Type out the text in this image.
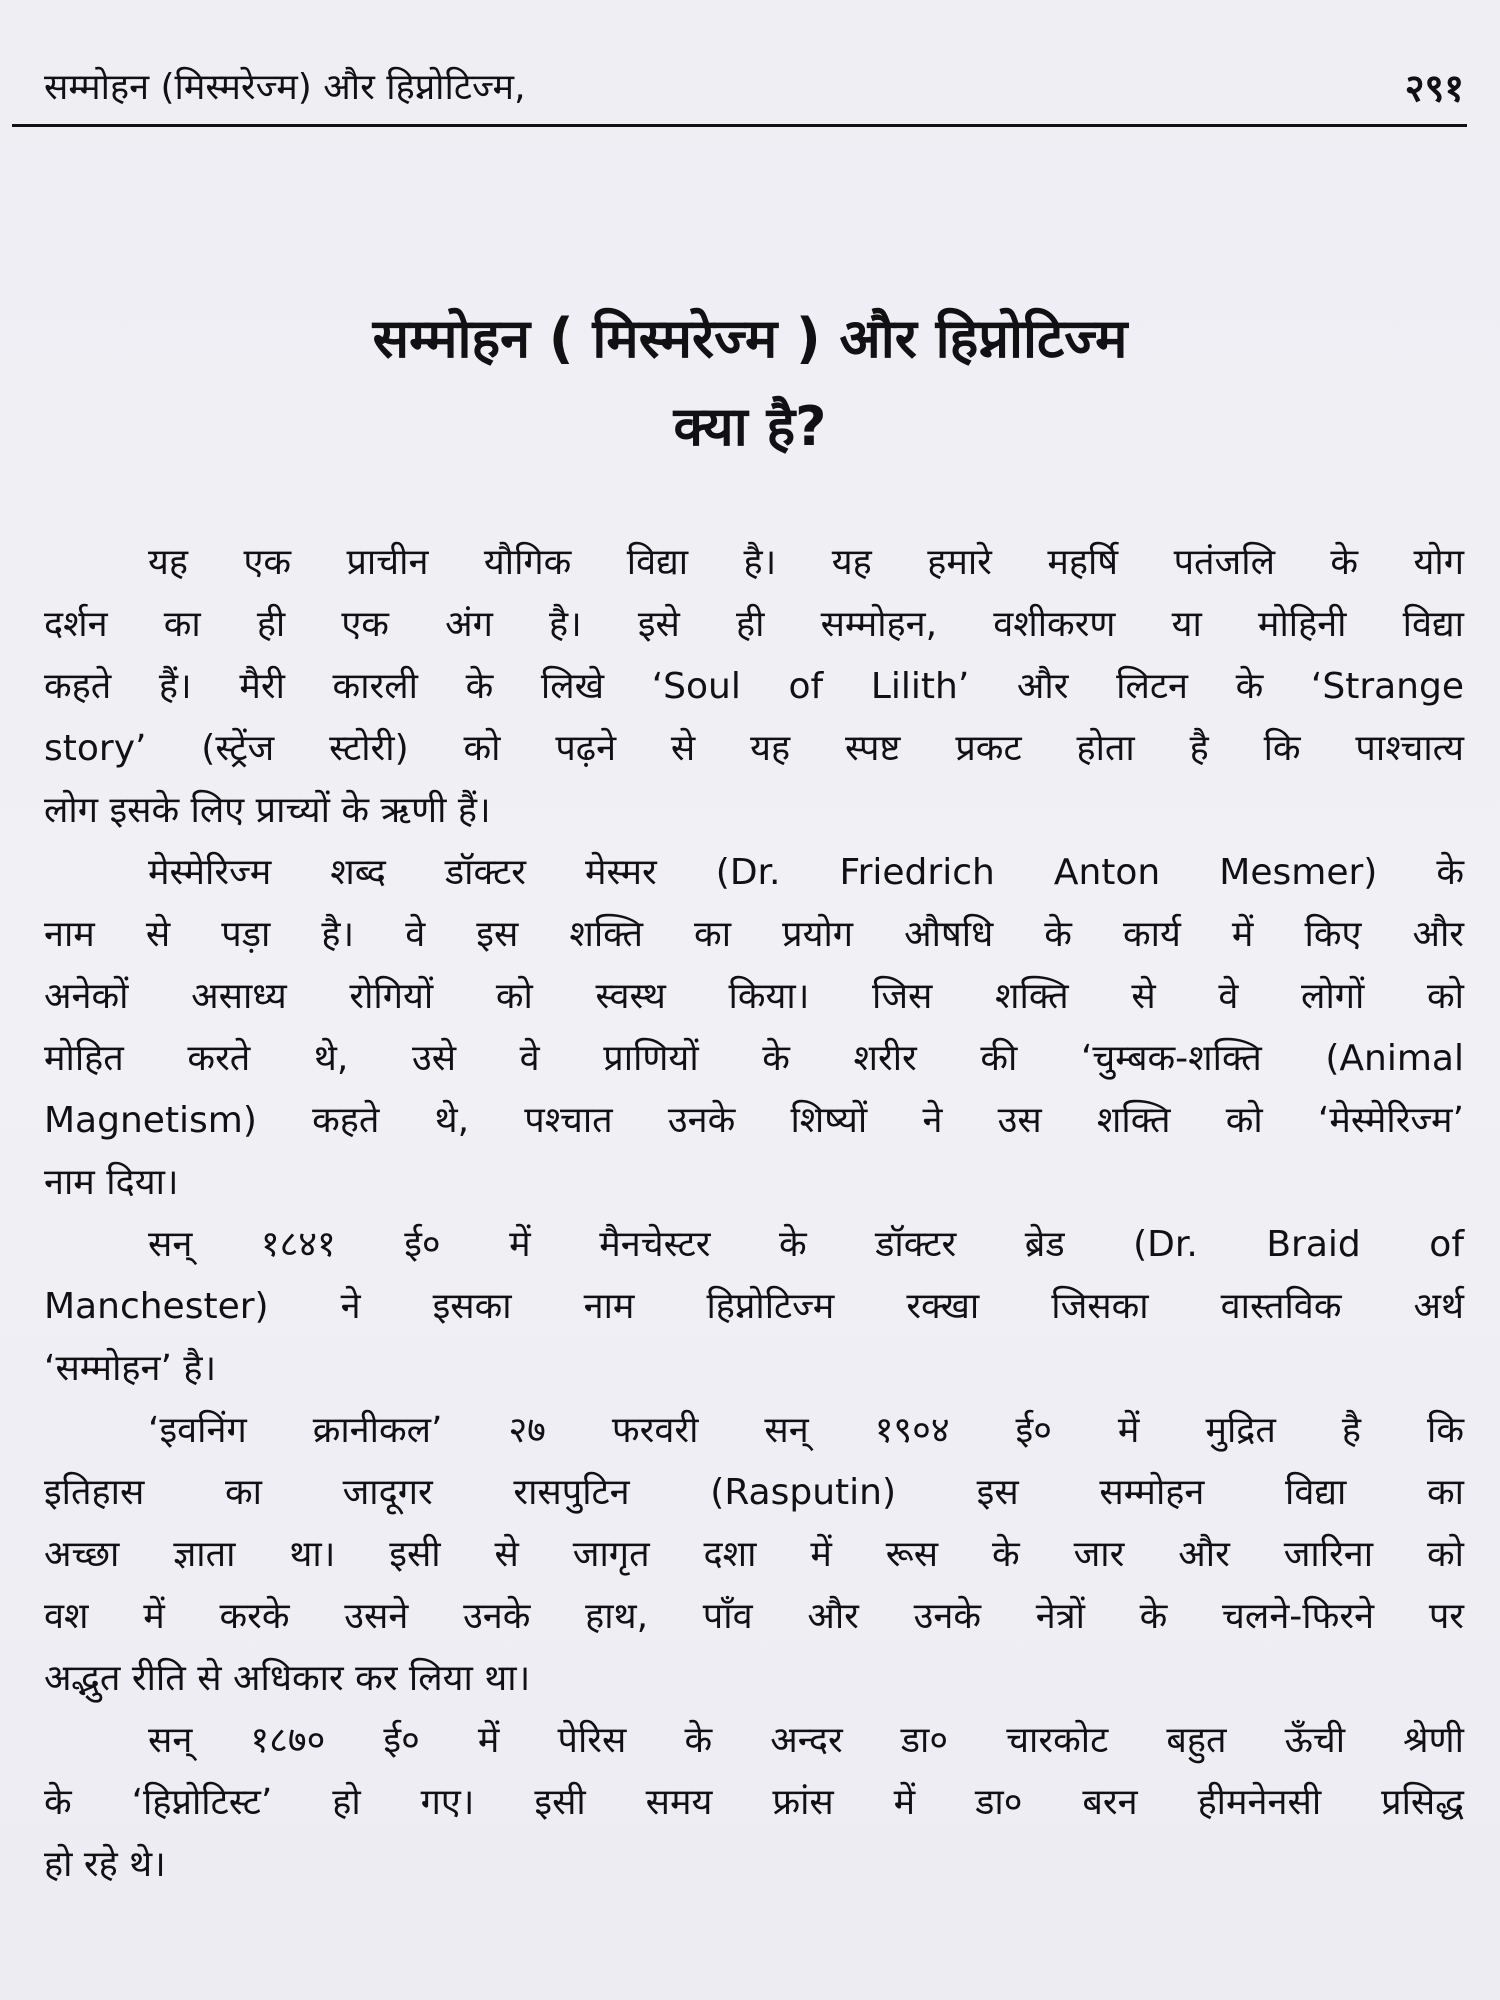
सम्मोहन (मिस्मरेज्म) और हिप्नोटिज्म,	२९१
सम्मोहन ( मिस्मरेज्म ) और हिप्नोटिज्म
क्या है?

यह एक प्राचीन यौगिक विद्या है। यह हमारे महर्षि पतंजलि के योग
दर्शन का ही एक अंग है। इसे ही सम्मोहन, वशीकरण या मोहिनी विद्या
कहते हैं। मैरी कारली के लिखे ‘Soul of Lilith’ और लिटन के ‘Strange
story’ (स्ट्रेंज स्टोरी) को पढ़ने से यह स्पष्ट प्रकट होता है कि पाश्चात्य
लोग इसके लिए प्राच्यों के ऋणी हैं।

मेस्मेरिज्म शब्द डॉक्टर मेस्मर (Dr. Friedrich Anton Mesmer) के
नाम से पड़ा है। वे इस शक्ति का प्रयोग औषधि के कार्य में किए और
अनेकों असाध्य रोगियों को स्वस्थ किया। जिस शक्ति से वे लोगों को
मोहित करते थे, उसे वे प्राणियों के शरीर की ‘चुम्बक-शक्ति (Animal
Magnetism) कहते थे, पश्चात उनके शिष्यों ने उस शक्ति को ‘मेस्मेरिज्म’
नाम दिया।

सन् १८४१ ई० में मैनचेस्टर के डॉक्टर ब्रेड (Dr. Braid of
Manchester) ने इसका नाम हिप्नोटिज्म रक्खा जिसका वास्तविक अर्थ
‘सम्मोहन’ है।

‘इवनिंग क्रानीकल’ २७ फरवरी सन् १९०४ ई० में मुद्रित है कि
इतिहास का जादूगर रासपुटिन (Rasputin) इस सम्मोहन विद्या का
अच्छा ज्ञाता था। इसी से जागृत दशा में रूस के जार और जारिना को
वश में करके उसने उनके हाथ, पाँव और उनके नेत्रों के चलने-फिरने पर
अद्भुत रीति से अधिकार कर लिया था।

सन् १८७० ई० में पेरिस के अन्दर डा० चारकोट बहुत ऊँची श्रेणी
के ‘हिप्नोटिस्ट’ हो गए। इसी समय फ्रांस में डा० बरन हीमनेनसी प्रसिद्ध
हो रहे थे।
